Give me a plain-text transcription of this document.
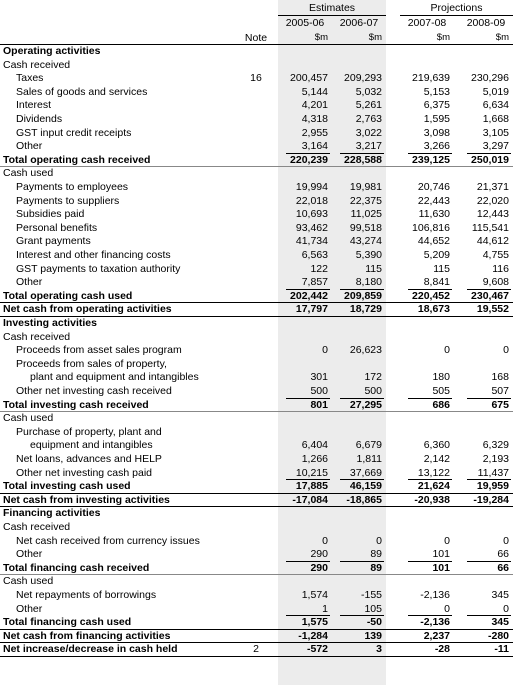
Estimates	Projections
2005-06	2006-07	2007-08	2008-09
Note	$m	$m	$m	$m
Operating activities
Cash received
Taxes	16	200,457	209,293	219,639	230,296
Sales of goods and services	5,144	5,032	5,153	5,019
Interest	4,201	5,261	6,375	6,634
Dividends	4,318	2,763	1,595	1,668
GST input credit receipts	2,955	3,022	3,098	3,105
Other	3,164	3,217	3,266	3,297
Total operating cash received	220,239	228,588	239,125	250,019
Cash used
Payments to employees	19,994	19,981	20,746	21,371
Payments to suppliers	22,018	22,375	22,443	22,020
Subsidies paid	10,693	11,025	11,630	12,443
Personal benefits	93,462	99,518	106,816	115,541
Grant payments	41,734	43,274	44,652	44,612
Interest and other financing costs	6,563	5,390	5,209	4,755
GST payments to taxation authority	122	115	115	116
Other	7,857	8,180	8,841	9,608
Total operating cash used	202,442	209,859	220,452	230,467
Net cash from operating activities	17,797	18,729	18,673	19,552
Investing activities
Cash received
Proceeds from asset sales program	0	26,623	0	0
Proceeds from sales of property,
plant and equipment and intangibles	301	172	180	168
Other net investing cash received	500	500	505	507
Total investing cash received	801	27,295	686	675
Cash used
Purchase of property, plant and
equipment and intangibles	6,404	6,679	6,360	6,329
Net loans, advances and HELP	1,266	1,811	2,142	2,193
Other net investing cash paid	10,215	37,669	13,122	11,437
Total investing cash used	17,885	46,159	21,624	19,959
Net cash from investing activities	-17,084	-18,865	-20,938	-19,284
Financing activities
Cash received
Net cash received from currency issues	0	0	0	0
Other	290	89	101	66
Total financing cash received	290	89	101	66
Cash used
Net repayments of borrowings	1,574	-155	-2,136	345
Other	1	105	0	0
Total financing cash used	1,575	-50	-2,136	345
Net cash from financing activities	-1,284	139	2,237	-280
Net increase/decrease in cash held	2	-572	3	-28	-11
